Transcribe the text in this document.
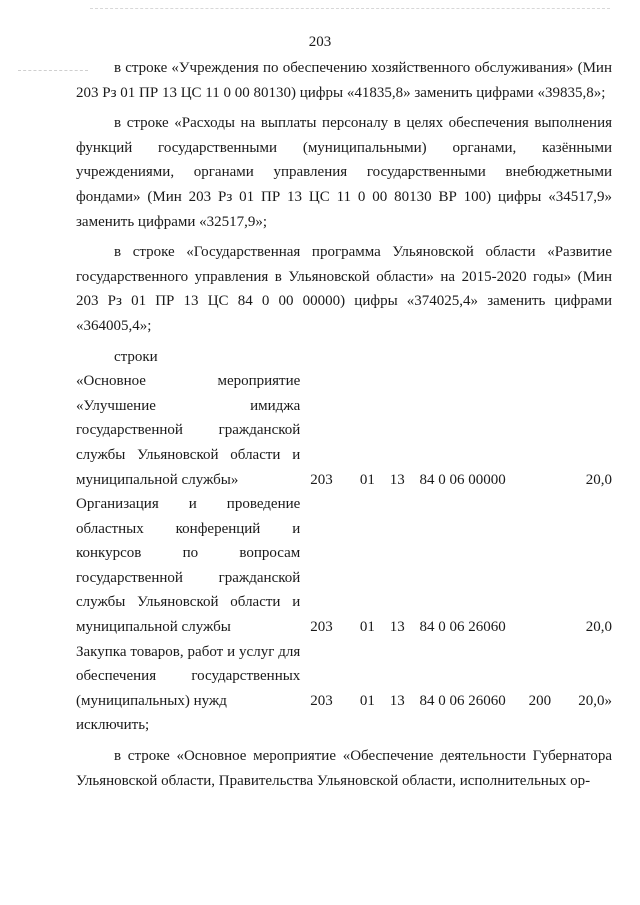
203

в строке «Учреждения по обеспечению хозяйственного обслуживания» (Мин 203 Рз 01 ПР 13 ЦС 11 0 00 80130) цифры «41835,8» заменить цифрами «39835,8»;

в строке «Расходы на выплаты персоналу в целях обеспечения выполнения функций государственными (муниципальными) органами, казёнными учреждениями, органами управления государственными внебюджетными фондами» (Мин 203 Рз 01 ПР 13 ЦС 11 0 00 80130 ВР 100) цифры «34517,9» заменить цифрами «32517,9»;

в строке «Государственная программа Ульяновской области «Развитие государственного управления в Ульяновской области» на 2015-2020 годы» (Мин 203 Рз 01 ПР 13 ЦС 84 0 00 00000) цифры «374025,4» заменить цифрами «364005,4»;

строки
«Основное мероприятие «Улучшение имиджа государственной гражданской службы Ульяновской области и муниципальной службы»	203	01 13 84 0 06 00000	20,0
Организация и проведение областных конференций и конкурсов по вопросам государственной гражданской службы Ульяновской области и муниципальной службы	203	01 13 84 0 06 26060	20,0
Закупка товаров, работ и услуг для обеспечения государственных (муниципальных) нужд	203	01 13 84 0 06 26060	200	20,0»
исключить;

в строке «Основное мероприятие «Обеспечение деятельности Губернатора Ульяновской области, Правительства Ульяновской области, исполнительных ор-
